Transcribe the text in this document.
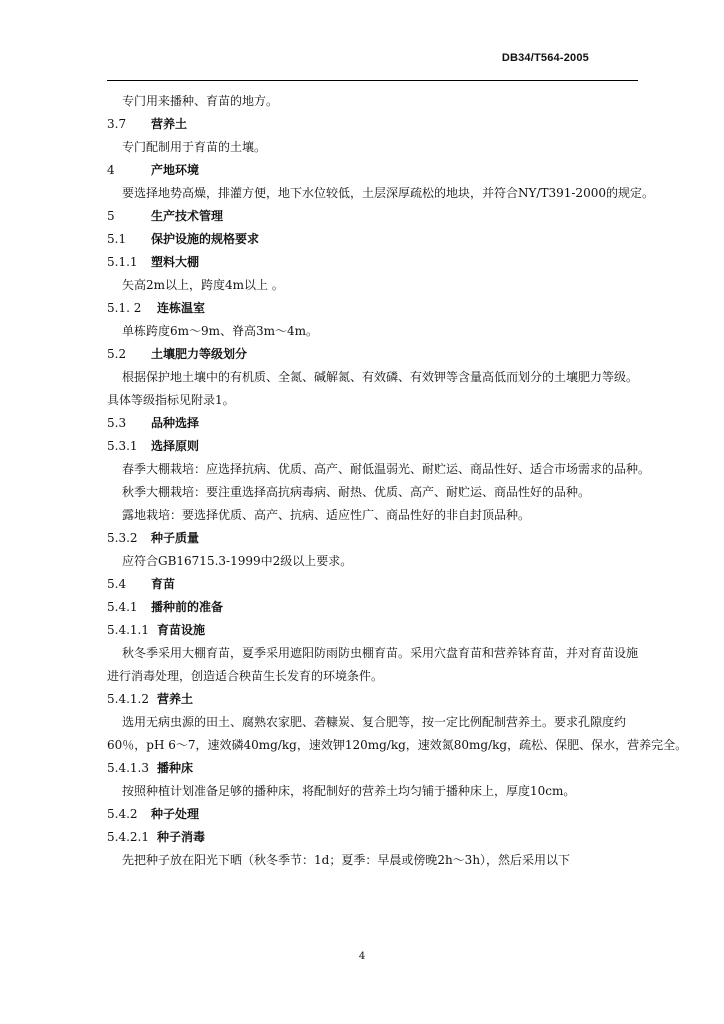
DB34/T564-2005
专门用来播种、育苗的地方。
3.7 营养土
专门配制用于育苗的土壤。
4	产地环境
要选择地势高燥，排灌方便，地下水位较低，土层深厚疏松的地块，并符合NY/T391-2000的规定。
5	生产技术管理
5.1 保护设施的规格要求
5.1.1 塑料大棚
矢高2m以上，跨度4m以上 。
5.1. 2 连栋温室
单栋跨度6m～9m、脊高3m～4m。
5.2 土壤肥力等级划分
根据保护地土壤中的有机质、全氮、碱解氮、有效磷、有效钾等含量高低而划分的土壤肥力等级。
具体等级指标见附录1。
5.3 品种选择
5.3.1 选择原则
春季大棚栽培：应选择抗病、优质、高产、耐低温弱光、耐贮运、商品性好、适合市场需求的品种。
秋季大棚栽培：要注重选择高抗病毒病、耐热、优质、高产、耐贮运、商品性好的品种。
露地栽培：要选择优质、高产、抗病、适应性广、商品性好的非自封顶品种。
5.3.2 种子质量
应符合GB16715.3-1999中2级以上要求。
5.4 育苗
5.4.1 播种前的准备
5.4.1.1 育苗设施
秋冬季采用大棚育苗，夏季采用遮阳防雨防虫棚育苗。采用穴盘育苗和营养钵育苗，并对育苗设施
进行消毒处理，创造适合秧苗生长发育的环境条件。
5.4.1.2 营养土
选用无病虫源的田土、腐熟农家肥、砻糠炭、复合肥等，按一定比例配制营养土。要求孔隙度约
60％，pH 6～7，速效磷40mg/kg，速效钾120mg/kg，速效氮80mg/kg，疏松、保肥、保水，营养完全。
5.4.1.3 播种床
按照种植计划准备足够的播种床，将配制好的营养土均匀铺于播种床上，厚度10cm。
5.4.2 种子处理
5.4.2.1 种子消毒
先把种子放在阳光下晒（秋冬季节：1d；夏季：早晨或傍晚2h～3h），然后采用以下
4
